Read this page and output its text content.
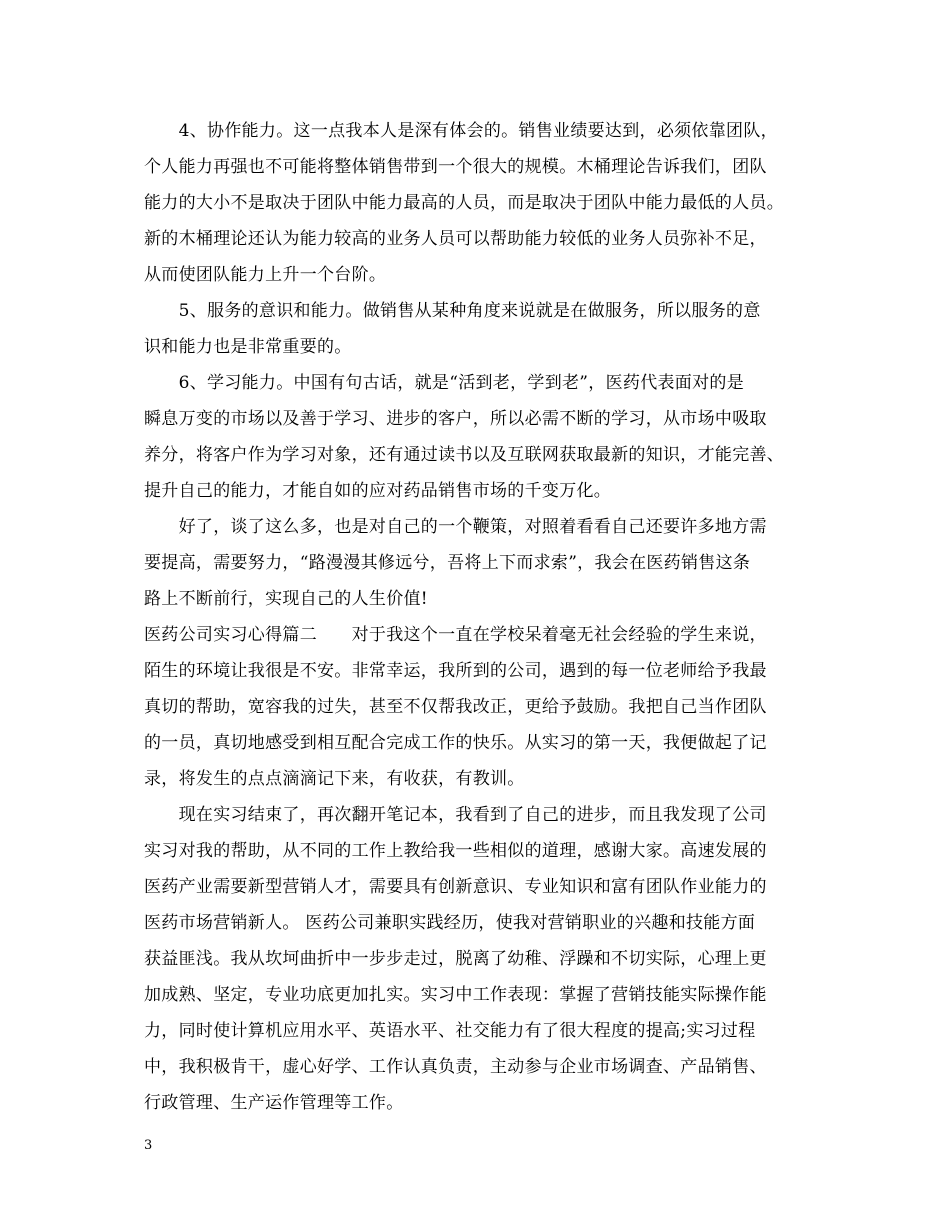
　　4、协作能力。这一点我本人是深有体会的。销售业绩要达到，必须依靠团队，
个人能力再强也不可能将整体销售带到一个很大的规模。木桶理论告诉我们，团队
能力的大小不是取决于团队中能力最高的人员，而是取决于团队中能力最低的人员。
新的木桶理论还认为能力较高的业务人员可以帮助能力较低的业务人员弥补不足，
从而使团队能力上升一个台阶。
　　5、服务的意识和能力。做销售从某种角度来说就是在做服务，所以服务的意
识和能力也是非常重要的。
　　6、学习能力。中国有句古话，就是“活到老，学到老”，医药代表面对的是
瞬息万变的市场以及善于学习、进步的客户，所以必需不断的学习，从市场中吸取
养分，将客户作为学习对象，还有通过读书以及互联网获取最新的知识，才能完善、
提升自己的能力，才能自如的应对药品销售市场的千变万化。
　　好了，谈了这么多，也是对自己的一个鞭策，对照着看看自己还要许多地方需
要提高，需要努力，“路漫漫其修远兮，吾将上下而求索”，我会在医药销售这条
路上不断前行，实现自己的人生价值!
医药公司实习心得篇二　　对于我这个一直在学校呆着毫无社会经验的学生来说，
陌生的环境让我很是不安。非常幸运，我所到的公司，遇到的每一位老师给予我最
真切的帮助，宽容我的过失，甚至不仅帮我改正，更给予鼓励。我把自己当作团队
的一员，真切地感受到相互配合完成工作的快乐。从实习的第一天，我便做起了记
录，将发生的点点滴滴记下来，有收获，有教训。
　　现在实习结束了，再次翻开笔记本，我看到了自己的进步，而且我发现了公司
实习对我的帮助，从不同的工作上教给我一些相似的道理，感谢大家。高速发展的
医药产业需要新型营销人才，需要具有创新意识、专业知识和富有团队作业能力的
医药市场营销新人。 医药公司兼职实践经历，使我对营销职业的兴趣和技能方面
获益匪浅。我从坎坷曲折中一步步走过，脱离了幼稚、浮躁和不切实际，心理上更
加成熟、坚定，专业功底更加扎实。实习中工作表现：掌握了营销技能实际操作能
力，同时使计算机应用水平、英语水平、社交能力有了很大程度的提高;实习过程
中，我积极肯干，虚心好学、工作认真负责，主动参与企业市场调查、产品销售、
行政管理、生产运作管理等工作。
3
